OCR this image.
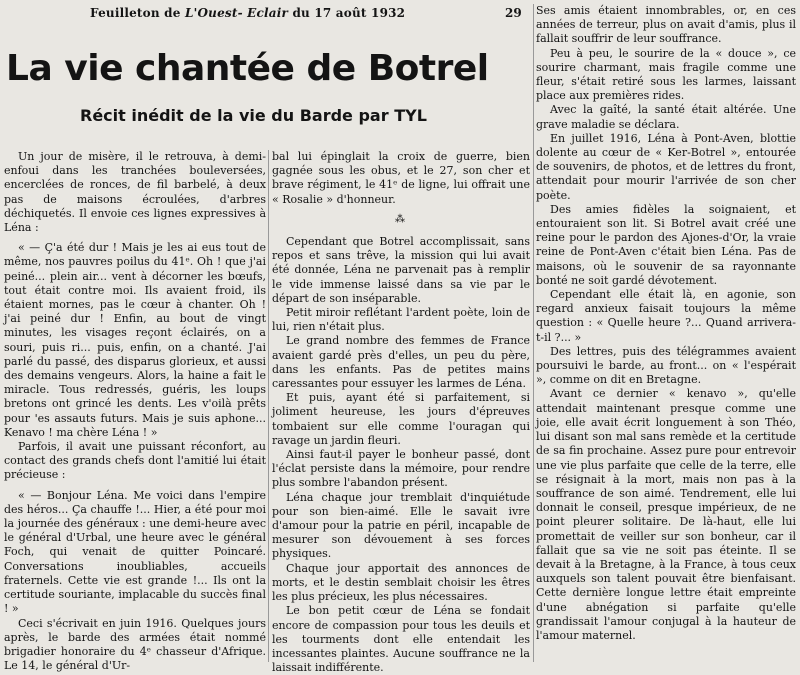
Feuilleton de L'Ouest- Eclair du 17 août 1932	29
La vie chantée de Botrel
Récit inédit de la vie du Barde par TYL

Un jour de misère, il le retrouva, à demi-enfoui dans les tranchées bouleversées, encerclées de ronces, de fil barbelé, à deux pas de maisons écroulées, d'arbres déchiquetés. Il envoie ces lignes expressives à Léna :

« — Ç'a été dur ! Mais je les ai eus tout de même, nos pauvres poilus du 41ᵉ. Oh ! que j'ai peiné... plein air... vent à décorner les bœufs, tout était contre moi. Ils avaient froid, ils étaient mornes, pas le cœur à chanter. Oh ! j'ai peiné dur ! Enfin, au bout de vingt minutes, les visages reçont éclairés, on a souri, puis ri... puis, enfin, on a chanté. J'ai parlé du passé, des disparus glorieux, et aussi des demains vengeurs. Alors, la haine a fait le miracle. Tous redressés, guéris, les loups bretons ont grincé les dents. Les v'oilà prêts pour 'es assauts futurs. Mais je suis aphone... Kenavo ! ma chère Léna ! »

Parfois, il avait une puissant réconfort, au contact des grands chefs dont l'amitié lui était précieuse :

« — Bonjour Léna. Me voici dans l'empire des héros... Ça chauffe !... Hier, a été pour moi la journée des généraux : une demi-heure avec le général d'Urbal, une heure avec le général Foch, qui venait de quitter Poincaré. Conversations inoubliables, accueils fraternels. Cette vie est grande !... Ils ont la certitude souriante, implacable du succès final ! »

Ceci s'écrivait en juin 1916. Quelques jours après, le barde des armées était nommé brigadier honoraire du 4ᵉ chasseur d'Afrique. Le 14, le général d'Ur-

bal lui épinglait la croix de guerre, bien gagnée sous les obus, et le 27, son cher et brave régiment, le 41ᵉ de ligne, lui offrait une « Rosalie » d'honneur.

⁂

Cependant que Botrel accomplissait, sans repos et sans trêve, la mission qui lui avait été donnée, Léna ne parvenait pas à remplir le vide immense laissé dans sa vie par le départ de son inséparable.

Petit miroir reflétant l'ardent poète, loin de lui, rien n'était plus.

Le grand nombre des femmes de France avaient gardé près d'elles, un peu du père, dans les enfants. Pas de petites mains caressantes pour essuyer les larmes de Léna.

Et puis, ayant été si parfaitement, si joliment heureuse, les jours d'épreuves tombaient sur elle comme l'ouragan qui ravage un jardin fleuri.

Ainsi faut-il payer le bonheur passé, dont l'éclat persiste dans la mémoire, pour rendre plus sombre l'abandon présent.

Léna chaque jour tremblait d'inquiétude pour son bien-aimé. Elle le savait ivre d'amour pour la patrie en péril, incapable de mesurer son dévouement à ses forces physiques.

Chaque jour apportait des annonces de morts, et le destin semblait choisir les êtres les plus précieux, les plus nécessaires.

Le bon petit cœur de Léna se fondait encore de compassion pour tous les deuils et les tourments dont elle entendait les incessantes plaintes. Aucune souffrance ne la laissait indifférente.

Ses amis étaient innombrables, or, en ces années de terreur, plus on avait d'amis, plus il fallait souffrir de leur souffrance.

Peu à peu, le sourire de la « douce », ce sourire charmant, mais fragile comme une fleur, s'était retiré sous les larmes, laissant place aux premières rides.

Avec la gaîté, la santé était altérée. Une grave maladie se déclara.

En juillet 1916, Léna à Pont-Aven, blottie dolente au cœur de « Ker-Botrel », entourée de souvenirs, de photos, et de lettres du front, attendait pour mourir l'arrivée de son cher poète.

Des amies fidèles la soignaient, et entouraient son lit. Si Botrel avait créé une reine pour le pardon des Ajones-d'Or, la vraie reine de Pont-Aven c'était bien Léna. Pas de maisons, où le souvenir de sa rayonnante bonté ne soit gardé dévotement.

Cependant elle était là, en agonie, son regard anxieux faisait toujours la même question : « Quelle heure ?... Quand arrivera-t-il ?... »

Des lettres, puis des télégrammes avaient poursuivi le barde, au front... on « l'espérait », comme on dit en Bretagne.

Avant ce dernier « kenavo », qu'elle attendait maintenant presque comme une joie, elle avait écrit longuement à son Théo, lui disant son mal sans remède et la certitude de sa fin prochaine. Assez pure pour entrevoir une vie plus parfaite que celle de la terre, elle se résignait à la mort, mais non pas à la souffrance de son aimé. Tendrement, elle lui donnait le conseil, presque impérieux, de ne point pleurer solitaire. De là-haut, elle lui promettait de veiller sur son bonheur, car il fallait que sa vie ne soit pas éteinte. Il se devait à la Bretagne, à la France, à tous ceux auxquels son talent pouvait être bienfaisant. Cette dernière longue lettre était empreinte d'une abnégation si parfaite qu'elle grandissait l'amour conjugal à la hauteur de l'amour maternel.
